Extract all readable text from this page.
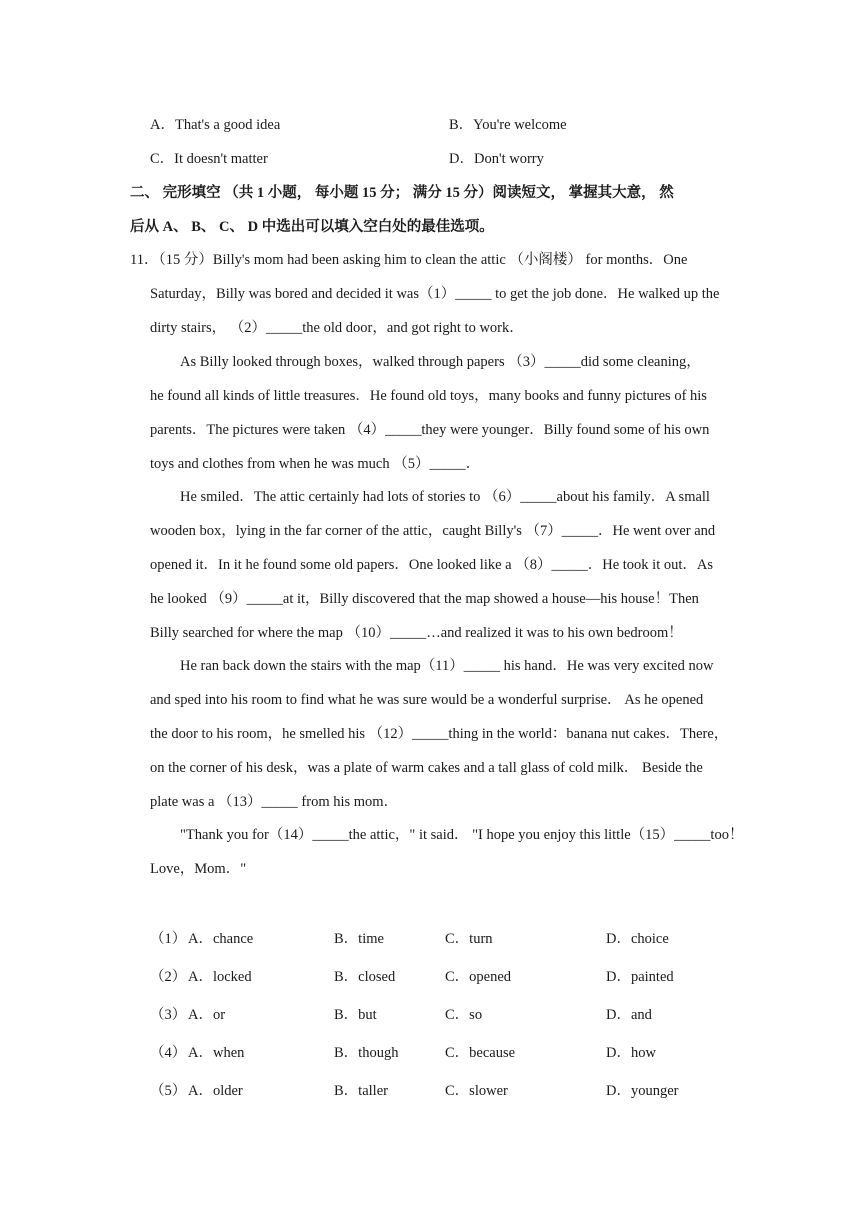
A．That's a good idea	B．You're welcome
C．It doesn't matter	D．Don't worry
二、 完形填空 （共 1 小题， 每小题 15 分； 满分 15 分）阅读短文， 掌握其大意， 然
后从 A、 B、 C、 D 中选出可以填入空白处的最佳选项。
11．（15 分）Billy's mom had been asking him to clean the attic （小阁楼） for months．One
Saturday，Billy was bored and decided it was（1）_____ to get the job done．He walked up the
dirty stairs， （2）_____the old door，and got right to work．
As Billy looked through boxes，walked through papers （3）_____did some cleaning，
he found all kinds of little treasures．He found old toys，many books and funny pictures of his
parents．The pictures were taken （4）_____they were younger．Billy found some of his own
toys and clothes from when he was much （5）_____．
He smiled．The attic certainly had lots of stories to （6）_____about his family．A small
wooden box，lying in the far corner of the attic，caught Billy's （7）_____．He went over and
opened it．In it he found some old papers．One looked like a （8）_____．He took it out．As
he looked （9）_____at it，Billy discovered that the map showed a house—his house！Then
Billy searched for where the map （10）_____…and realized it was to his own bedroom！
He ran back down the stairs with the map（11）_____ his hand．He was very excited now
and sped into his room to find what he was sure would be a wonderful surprise． As he opened
the door to his room，he smelled his （12）_____thing in the world：banana nut cakes．There，
on the corner of his desk，was a plate of warm cakes and a tall glass of cold milk． Beside the
plate was a （13）_____ from his mom．
"Thank you for（14）_____the attic，" it said． "I hope you enjoy this little（15）_____too！
Love，Mom．"
（1） A．chance	B．time	C．turn	D．choice
（2） A．locked	B．closed	C．opened	D．painted
（3） A．or	B．but	C．so	D．and
（4） A．when	B．though	C．because	D．how
（5） A．older	B．taller	C．slower	D．younger
